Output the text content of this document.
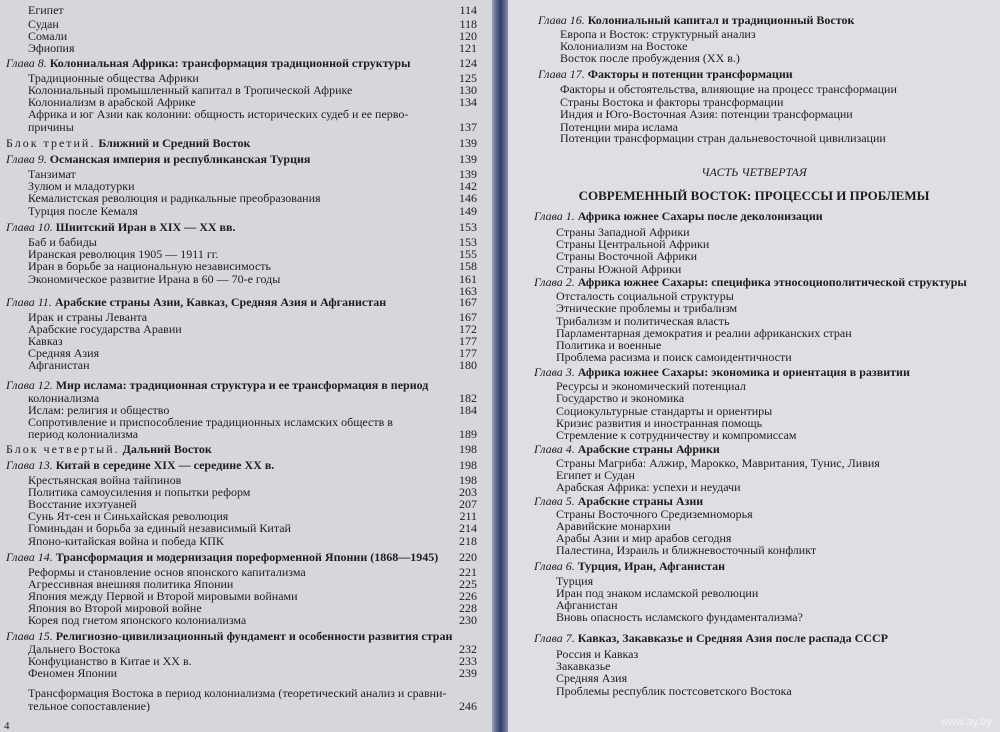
Египет	114
Судан	118
Сомали	120
Эфиопия	121
Глава 8. Колониальная Африка: трансформация традиционной структуры	124
Традиционные общества Африки	125
Колониальный промышленный капитал в Тропической Африке	130
Колониализм в арабской Африке	134
Африка и юг Азии как колонии: общность исторических судеб и ее перво-
причины	137
Блок третий. Ближний и Средний Восток	139
Глава 9. Османская империя и республиканская Турция	139
Танзимат	139
Зулюм и младотурки	142
Кемалистская революция и радикальные преобразования	146
Турция после Кемаля	149
Глава 10. Шиитский Иран в XIX — XX вв.	153
Баб и бабиды	153
Иранская революция 1905 — 1911 гг.	155
Иран в борьбе за национальную независимость	158
Экономическое развитие Ирана в 60 — 70-е годы	161
163
Глава 11. Арабские страны Азии, Кавказ, Средняя Азия и Афганистан	167
Ирак и страны Леванта	167
Арабские государства Аравии	172
Кавказ	177
Средняя Азия	177
Афганистан	180
Глава 12. Мир ислама: традиционная структура и ее трансформация в период
колониализма	182
Ислам: религия и общество	184
Сопротивление и приспособление традиционных исламских обществ в
период колониализма	189
Блок четвертый. Дальний Восток	198
Глава 13. Китай в середине XIX — середине XX в.	198
Крестьянская война тайпинов	198
Политика самоусиления и попытки реформ	203
Восстание ихэтуаней	207
Сунь Ят-сен и Синьхайская революция	211
Гоминьдан и борьба за единый независимый Китай	214
Японо-китайская война и победа КПК	218
Глава 14. Трансформация и модернизация пореформенной Японии (1868—1945)	220
Реформы и становление основ японского капитализма	221
Агрессивная внешняя политика Японии	225
Япония между Первой и Второй мировыми войнами	226
Япония во Второй мировой войне	228
Корея под гнетом японского колониализма	230
Глава 15. Религиозно-цивилизационный фундамент и особенности развития стран
Дальнего Востока	232
Конфуцианство в Китае и XX в.	233
Феномен Японии	239
Трансформация Востока в период колониализма (теоретический анализ и сравни-
тельное сопоставление)	246
4
Глава 16. Колониальный капитал и традиционный Восток
Европа и Восток: структурный анализ
Колониализм на Востоке
Восток после пробуждения (XX в.)
Глава 17. Факторы и потенции трансформации
Факторы и обстоятельства, влияющие на процесс трансформации
Страны Востока и факторы трансформации
Индия и Юго-Восточная Азия: потенции трансформации
Потенции мира ислама
Потенции трансформации стран дальневосточной цивилизации
ЧАСТЬ ЧЕТВЕРТАЯ
СОВРЕМЕННЫЙ ВОСТОК: ПРОЦЕССЫ И ПРОБЛЕМЫ
Глава 1. Африка южнее Сахары после деколонизации
Страны Западной Африки
Страны Центральной Африки
Страны Восточной Африки
Страны Южной Африки
Глава 2. Африка южнее Сахары: специфика этносоциополитической структуры
Отсталость социальной структуры
Этнические проблемы и трибализм
Трибализм и политическая власть
Парламентарная демократия и реалии африканских стран
Политика и военные
Проблема расизма и поиск самоидентичности
Глава 3. Африка южнее Сахары: экономика и ориентация в развитии
Ресурсы и экономический потенциал
Государство и экономика
Социокультурные стандарты и ориентиры
Кризис развития и иностранная помощь
Стремление к сотрудничеству и компромиссам
Глава 4. Арабские страны Африки
Страны Магриба: Алжир, Марокко, Мавритания, Тунис, Ливия
Египет и Судан
Арабская Африка: успехи и неудачи
Глава 5. Арабские страны Азии
Страны Восточного Средиземноморья
Аравийские монархии
Арабы Азии и мир арабов сегодня
Палестина, Израиль и ближневосточный конфликт
Глава 6. Турция, Иран, Афганистан
Турция
Иран под знаком исламской революции
Афганистан
Вновь опасность исламского фундаментализма?
Глава 7. Кавказ, Закавказье и Средняя Азия после распада СССР
Россия и Кавказ
Закавказье
Средняя Азия
Проблемы республик постсоветского Востока
www.ay.by
